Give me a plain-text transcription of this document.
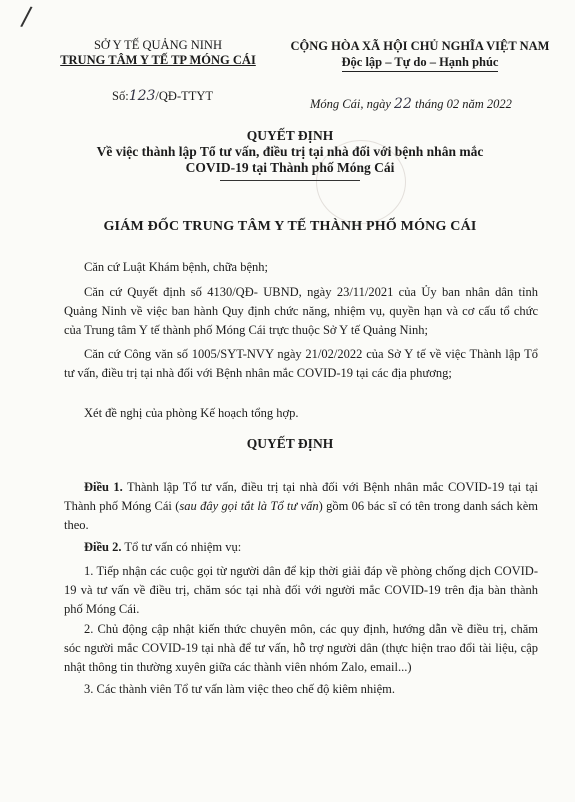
/
SỞ Y TẾ QUẢNG NINH
TRUNG TÂM Y TẾ TP MÓNG CÁI
CỘNG HÒA XÃ HỘI CHỦ NGHĨA VIỆT NAM
Độc lập – Tự do – Hạnh phúc
Số:123/QĐ-TTYT
Móng Cái, ngày 22 tháng 02 năm 2022
QUYẾT ĐỊNH
Về việc thành lập Tổ tư vấn, điều trị tại nhà đối với bệnh nhân mắc
COVID-19 tại Thành phố Móng Cái
GIÁM ĐỐC TRUNG TÂM Y TẾ THÀNH PHỐ MÓNG CÁI
Căn cứ Luật Khám bệnh, chữa bệnh;
Căn cứ Quyết định số 4130/QĐ- UBND, ngày 23/11/2021 của Ủy ban nhân dân tỉnh Quảng Ninh về việc ban hành Quy định chức năng, nhiệm vụ, quyền hạn và cơ cấu tổ chức của Trung tâm Y tế thành phố Móng Cái trực thuộc Sở Y tế Quảng Ninh;
Căn cứ Công văn số 1005/SYT-NVY ngày 21/02/2022 của Sở Y tế về việc Thành lập Tổ tư vấn, điều trị tại nhà đối với Bệnh nhân mắc COVID-19 tại các địa phương;
Xét đề nghị của phòng Kế hoạch tổng hợp.
QUYẾT ĐỊNH
Điều 1. Thành lập Tổ tư vấn, điều trị tại nhà đối với Bệnh nhân mắc COVID-19 tại tại Thành phố Móng Cái (sau đây gọi tắt là Tổ tư vấn) gồm 06 bác sĩ có tên trong danh sách kèm theo.
Điều 2. Tổ tư vấn có nhiệm vụ:
1. Tiếp nhận các cuộc gọi từ người dân để kịp thời giải đáp về phòng chống dịch COVID-19 và tư vấn về điều trị, chăm sóc tại nhà đối với người mắc COVID-19 trên địa bàn thành phố Móng Cái.
2. Chủ động cập nhật kiến thức chuyên môn, các quy định, hướng dẫn về điều trị, chăm sóc người mắc COVID-19 tại nhà để tư vấn, hỗ trợ người dân (thực hiện trao đổi tài liệu, cập nhật thông tin thường xuyên giữa các thành viên nhóm Zalo, email...)
3. Các thành viên Tổ tư vấn làm việc theo chế độ kiêm nhiệm.
